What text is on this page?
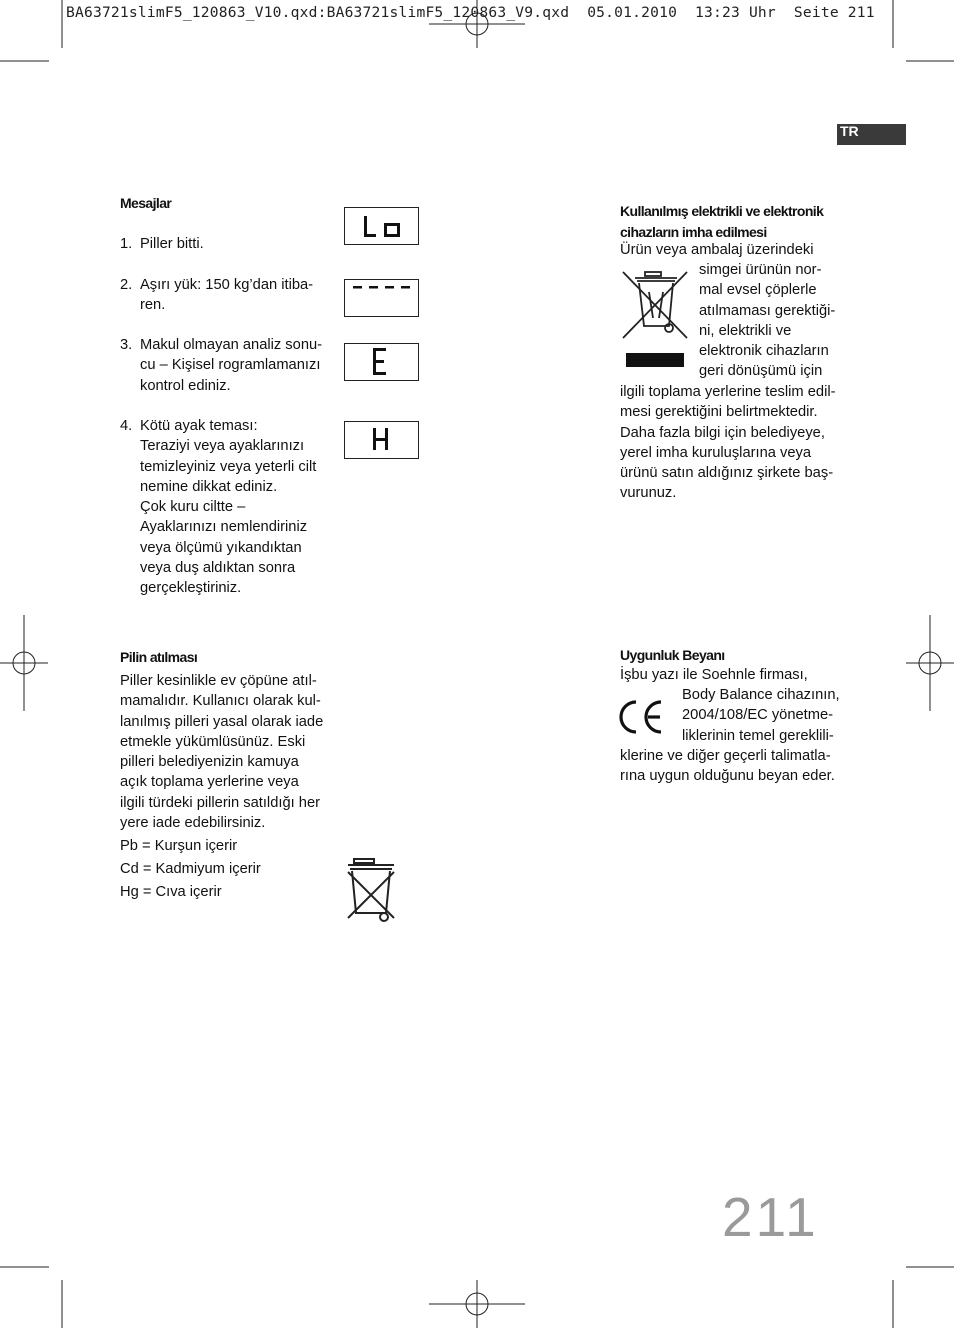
BA63721slimF5_120863_V10.qxd:BA63721slimF5_120863_V9.qxd  05.01.2010  13:23 Uhr  Seite 211
TR
Mesajlar
1. Piller bitti.
2. Aşırı yük: 150 kg’dan itiba-
ren.
3. Makul olmayan analiz sonu-
cu – Kişisel rogramlamanızı
kontrol ediniz.
4. Kötü ayak teması:
Teraziyi veya ayaklarınızı
temizleyiniz veya yeterli cilt
nemine dikkat ediniz.
Çok kuru ciltte –
Ayaklarınızı nemlendiriniz
veya ölçümü yıkandıktan
veya duş aldıktan sonra
gerçekleştiriniz.
Pilin atılması
Piller kesinlikle ev çöpüne atıl-
mamalıdır. Kullanıcı olarak kul-
lanılmış pilleri yasal olarak iade
etmekle yükümlüsünüz. Eski
pilleri belediyenizin kamuya
açık toplama yerlerine veya
ilgili türdeki pillerin satıldığı her
yere iade edebilirsiniz.
Pb = Kurşun içerir
Cd = Kadmiyum içerir
Hg = Cıva içerir
Kullanılmış elektrikli ve elektronik
cihazların imha edilmesi
Ürün veya ambalaj üzerindeki
simgei ürünün nor-
mal evsel çöplerle
atılmaması gerektiği-
ni, elektrikli ve
elektronik cihazların
geri dönüşümü için
ilgili toplama yerlerine teslim edil-
mesi gerektiğini belirtmektedir.
Daha fazla bilgi için belediyeye,
yerel imha kuruluşlarına veya
ürünü satın aldığınız şirkete baş-
vurunuz.
Uygunluk Beyanı
İşbu yazı ile Soehnle firması,
Body Balance cihazının,
2004/108/EC yönetme-
liklerinin temel gereklili-
klerine ve diğer geçerli talimatla-
rına uygun olduğunu beyan eder.
211
